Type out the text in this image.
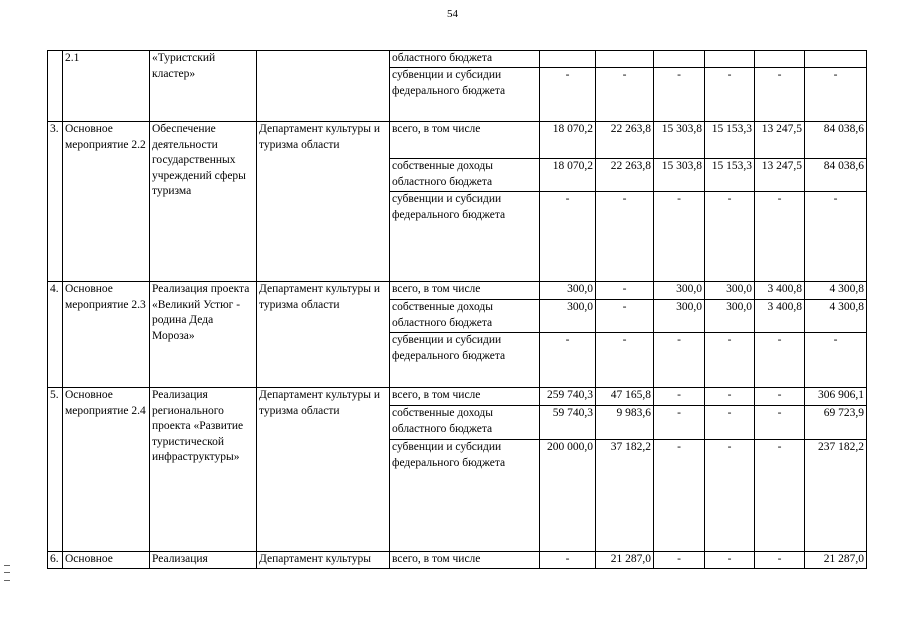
54
	2.1	«Туристский кластер»		областного бюджета						
				субвенции и субсидии федерального бюджета	-	-	-	-	-	-
3.	Основное мероприятие 2.2	Обеспечение деятельности государственных учреждений сферы туризма	Департамент культуры и туризма области	всего, в том числе	18 070,2	22 263,8	15 303,8	15 153,3	13 247,5	84 038,6
				собственные доходы областного бюджета	18 070,2	22 263,8	15 303,8	15 153,3	13 247,5	84 038,6
				субвенции и субсидии федерального бюджета	-	-	-	-	-	-
4.	Основное мероприятие 2.3	Реализация проекта «Великий Устюг - родина Деда Мороза»	Департамент культуры и туризма области	всего, в том числе	300,0	-	300,0	300,0	3 400,8	4 300,8
				собственные доходы областного бюджета	300,0	-	300,0	300,0	3 400,8	4 300,8
				субвенции и субсидии федерального бюджета	-	-	-	-	-	-
5.	Основное мероприятие 2.4	Реализация регионального проекта «Развитие туристической инфраструктуры»	Департамент культуры и туризма области	всего, в том числе	259 740,3	47 165,8	-	-	-	306 906,1
				собственные доходы областного бюджета	59 740,3	9 983,6	-	-	-	69 723,9
				субвенции и субсидии федерального бюджета	200 000,0	37 182,2	-	-	-	237 182,2
6.	Основное	Реализация	Департамент культуры	всего, в том числе	-	21 287,0	-	-	-	21 287,0
